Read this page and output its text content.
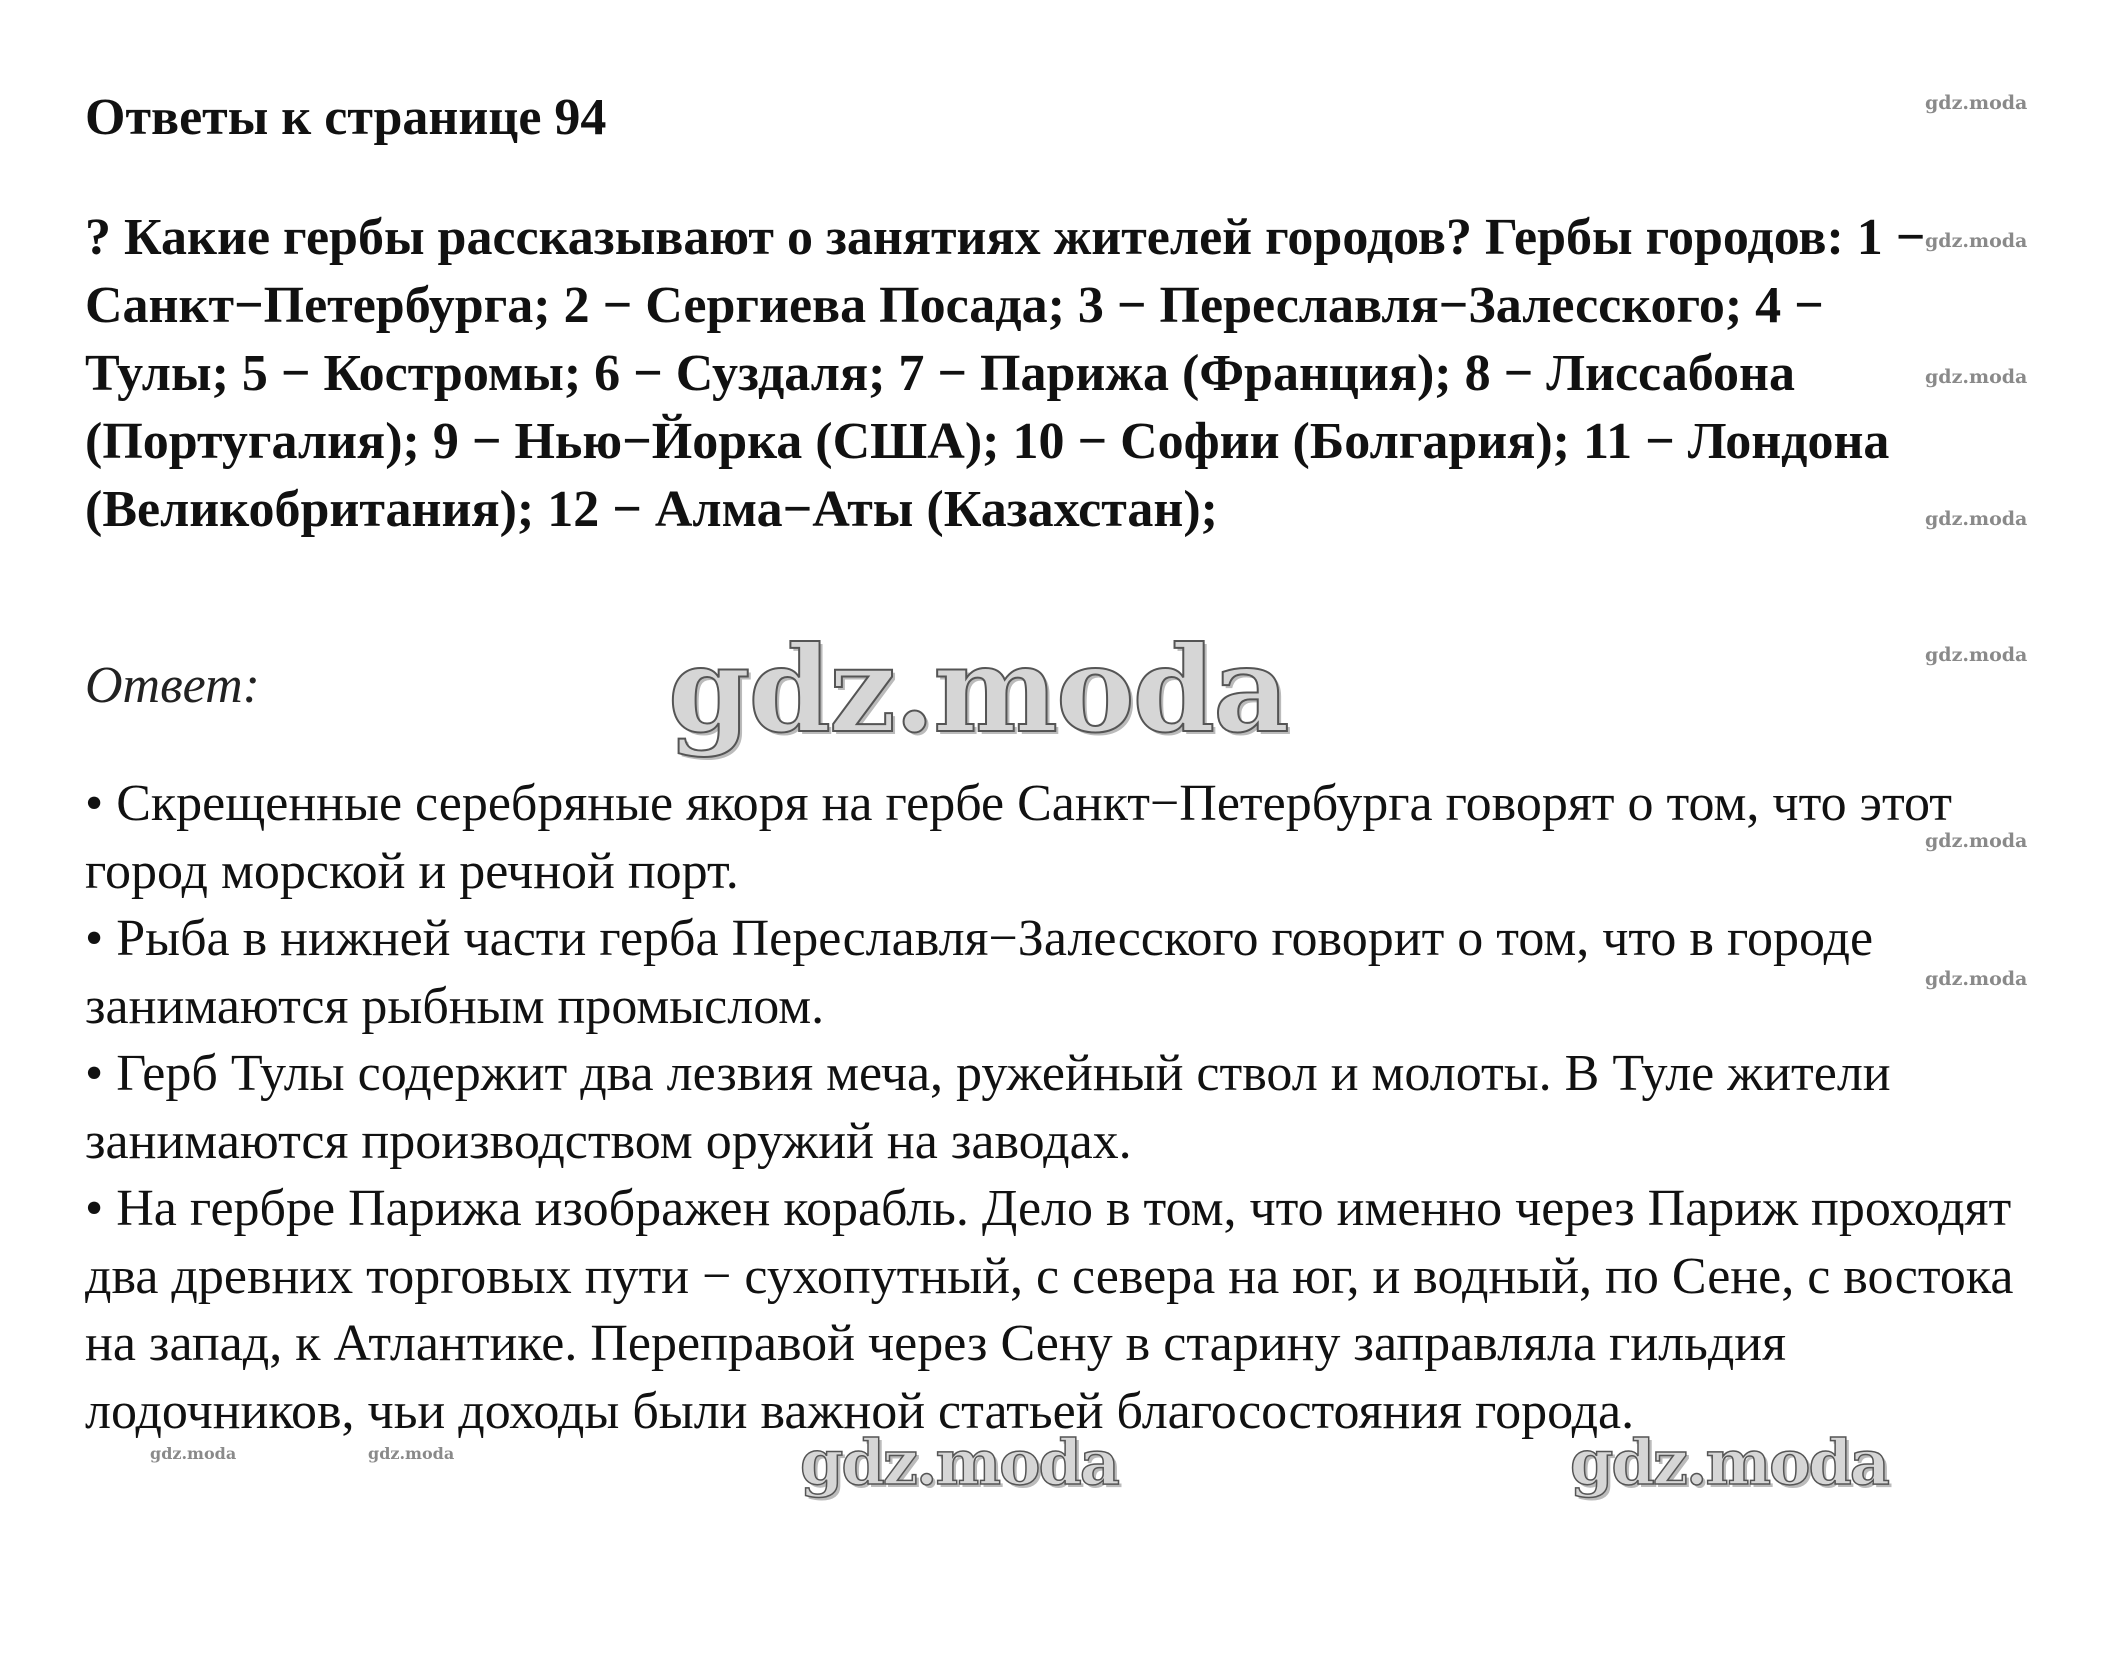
Ответы к странице 94

? Какие гербы рассказывают о занятиях жителей городов? Гербы городов: 1 − Санкт−Петербурга; 2 − Сергиева Посада; 3 − Переславля−Залесского; 4 − Тулы; 5 − Костромы; 6 − Суздаля; 7 − Парижа (Франция); 8 − Лиссабона (Португалия); 9 − Нью−Йорка (США); 10 − Софии (Болгария); 11 − Лондона (Великобритания); 12 − Алма−Аты (Казахстан);

Ответ:

• Скрещенные серебряные якоря на гербе Санкт−Петербурга говорят о том, что этот город морской и речной порт.
• Рыба в нижней части герба Переславля−Залесского говорит о том, что в городе занимаются рыбным промыслом.
• Герб Тулы содержит два лезвия меча, ружейный ствол и молоты. В Туле жители занимаются производством оружий на заводах.
• На гербре Парижа изображен корабль. Дело в том, что именно через Париж проходят два древних торговых пути − сухопутный, с севера на юг, и водный, по Сене, с востока на запад, к Атлантике. Переправой через Сену в старину заправляла гильдия лодочников, чьи доходы были важной статьей благосостояния города.
gdz.moda
gdz.moda
gdz.moda
gdz.moda
gdz.moda
gdz.moda
gdz.moda
gdz.moda	gdz.moda
gdz.moda
gdz.moda	gdz.moda
